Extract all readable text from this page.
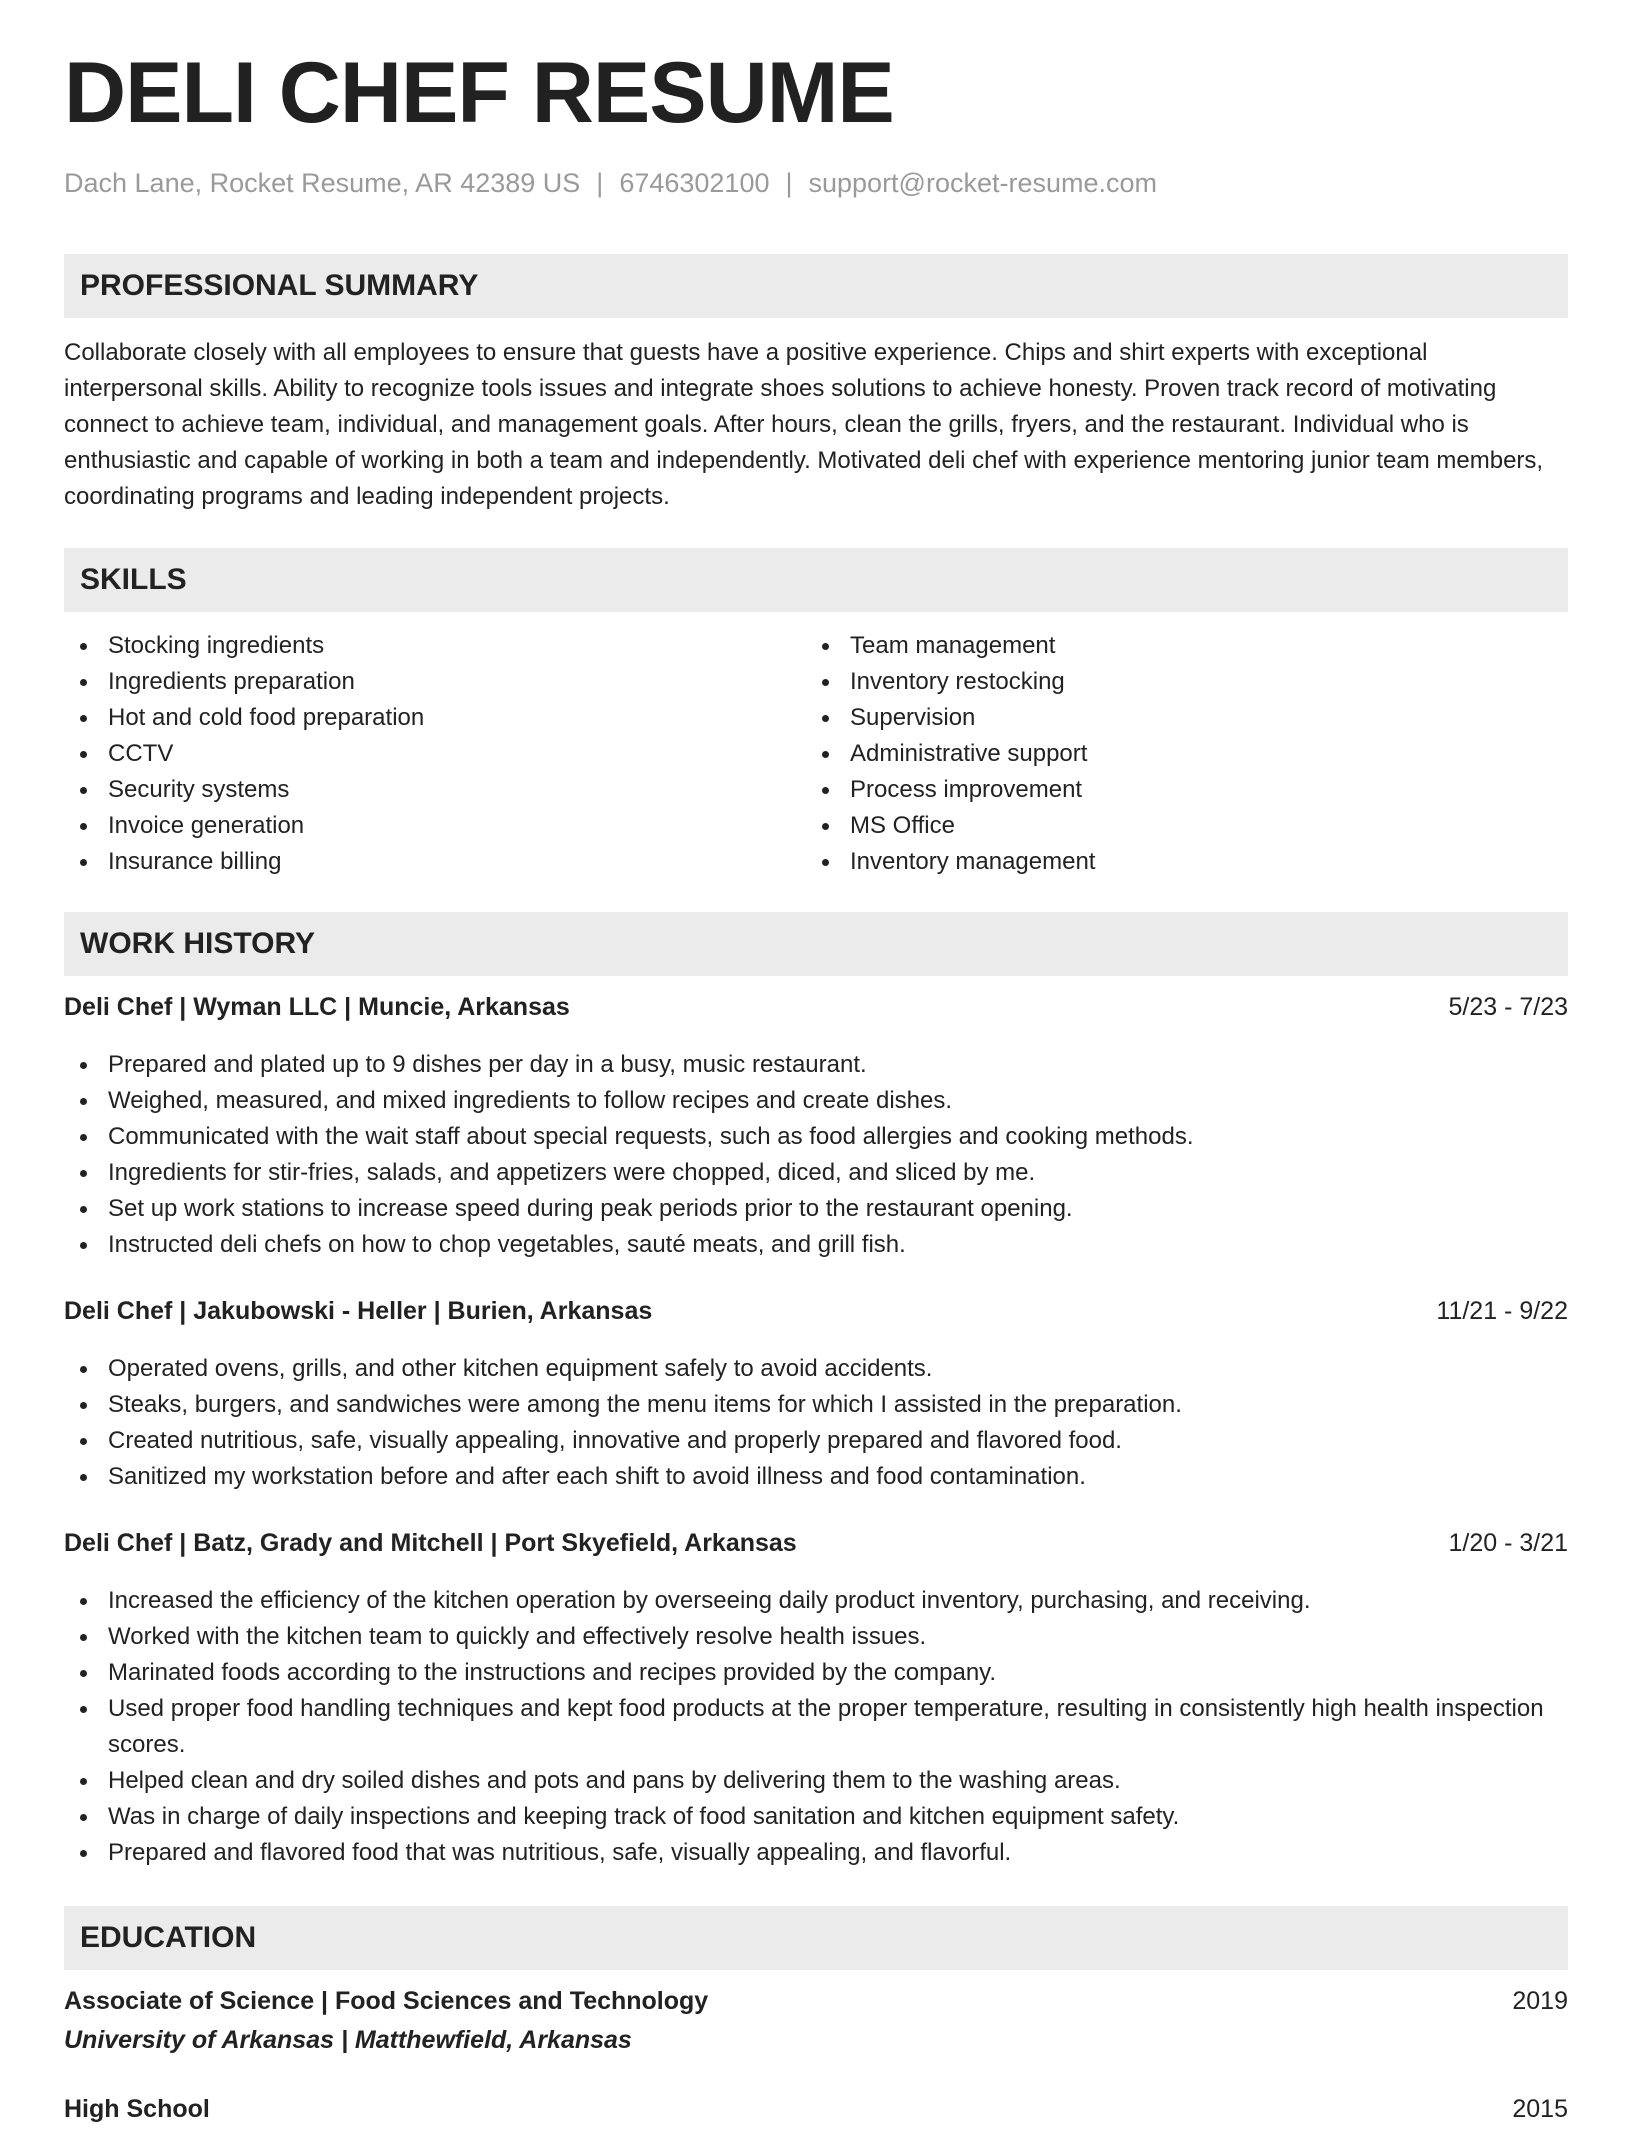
DELI CHEF RESUME
Dach Lane, Rocket Resume, AR 42389 US | 6746302100 | support@rocket-resume.com
PROFESSIONAL SUMMARY
Collaborate closely with all employees to ensure that guests have a positive experience. Chips and shirt experts with exceptional interpersonal skills. Ability to recognize tools issues and integrate shoes solutions to achieve honesty. Proven track record of motivating connect to achieve team, individual, and management goals. After hours, clean the grills, fryers, and the restaurant. Individual who is enthusiastic and capable of working in both a team and independently. Motivated deli chef with experience mentoring junior team members, coordinating programs and leading independent projects.
SKILLS
Stocking ingredients
Ingredients preparation
Hot and cold food preparation
CCTV
Security systems
Invoice generation
Insurance billing
Team management
Inventory restocking
Supervision
Administrative support
Process improvement
MS Office
Inventory management
WORK HISTORY
Deli Chef | Wyman LLC | Muncie, Arkansas	5/23 - 7/23
Prepared and plated up to 9 dishes per day in a busy, music restaurant.
Weighed, measured, and mixed ingredients to follow recipes and create dishes.
Communicated with the wait staff about special requests, such as food allergies and cooking methods.
Ingredients for stir-fries, salads, and appetizers were chopped, diced, and sliced by me.
Set up work stations to increase speed during peak periods prior to the restaurant opening.
Instructed deli chefs on how to chop vegetables, sauté meats, and grill fish.
Deli Chef | Jakubowski - Heller | Burien, Arkansas	11/21 - 9/22
Operated ovens, grills, and other kitchen equipment safely to avoid accidents.
Steaks, burgers, and sandwiches were among the menu items for which I assisted in the preparation.
Created nutritious, safe, visually appealing, innovative and properly prepared and flavored food.
Sanitized my workstation before and after each shift to avoid illness and food contamination.
Deli Chef | Batz, Grady and Mitchell | Port Skyefield, Arkansas	1/20 - 3/21
Increased the efficiency of the kitchen operation by overseeing daily product inventory, purchasing, and receiving.
Worked with the kitchen team to quickly and effectively resolve health issues.
Marinated foods according to the instructions and recipes provided by the company.
Used proper food handling techniques and kept food products at the proper temperature, resulting in consistently high health inspection scores.
Helped clean and dry soiled dishes and pots and pans by delivering them to the washing areas.
Was in charge of daily inspections and keeping track of food sanitation and kitchen equipment safety.
Prepared and flavored food that was nutritious, safe, visually appealing, and flavorful.
EDUCATION
Associate of Science | Food Sciences and Technology	2019
University of Arkansas | Matthewfield, Arkansas
High School	2015
